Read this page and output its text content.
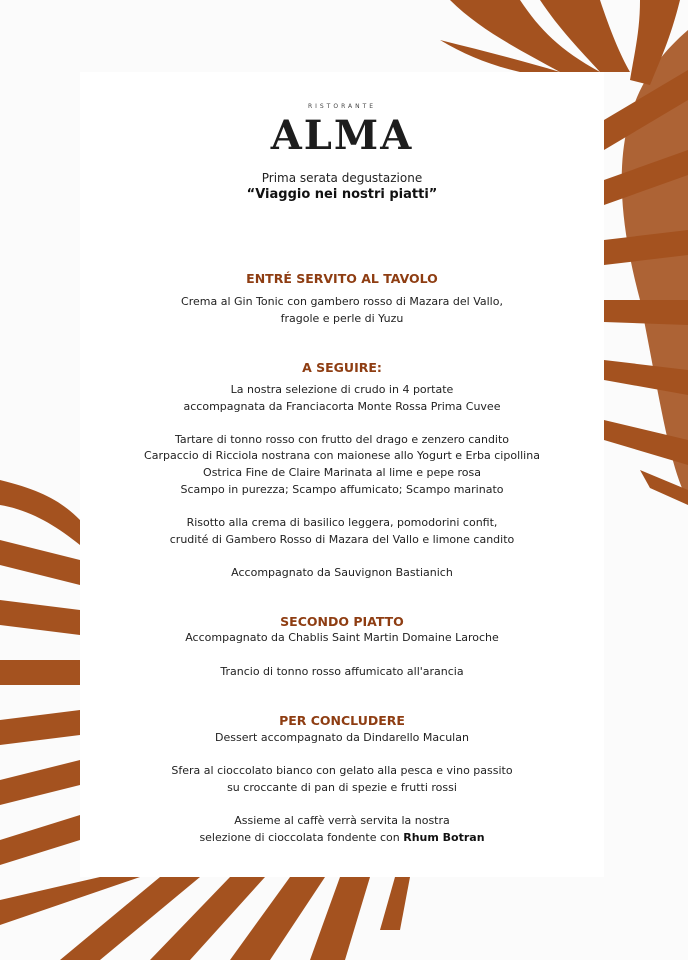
RISTORANTE
ALMA
Prima serata degustazione
“Viaggio nei nostri piatti”
ENTRÉ SERVITO AL TAVOLO
Crema al Gin Tonic con gambero rosso di Mazara del Vallo,
fragole e perle di Yuzu
A SEGUIRE:
La nostra selezione di crudo in 4 portate
accompagnata da Franciacorta Monte Rossa Prima Cuvee
Tartare di tonno rosso con frutto del drago e zenzero candito
Carpaccio di Ricciola nostrana con maionese allo Yogurt e Erba cipollina
Ostrica Fine de Claire Marinata al lime e pepe rosa
Scampo in purezza; Scampo affumicato; Scampo marinato
Risotto alla crema di basilico leggera, pomodorini confit,
crudité di Gambero Rosso di Mazara del Vallo e limone candito
Accompagnato da Sauvignon Bastianich
SECONDO PIATTO
Accompagnato da Chablis Saint Martin Domaine Laroche
Trancio di tonno rosso affumicato all'arancia
PER CONCLUDERE
Dessert accompagnato da Dindarello Maculan
Sfera al cioccolato bianco con gelato alla pesca e vino passito
su croccante di pan di spezie e frutti rossi
Assieme al caffè verrà servita la nostra
selezione di cioccolata fondente con Rhum Botran
